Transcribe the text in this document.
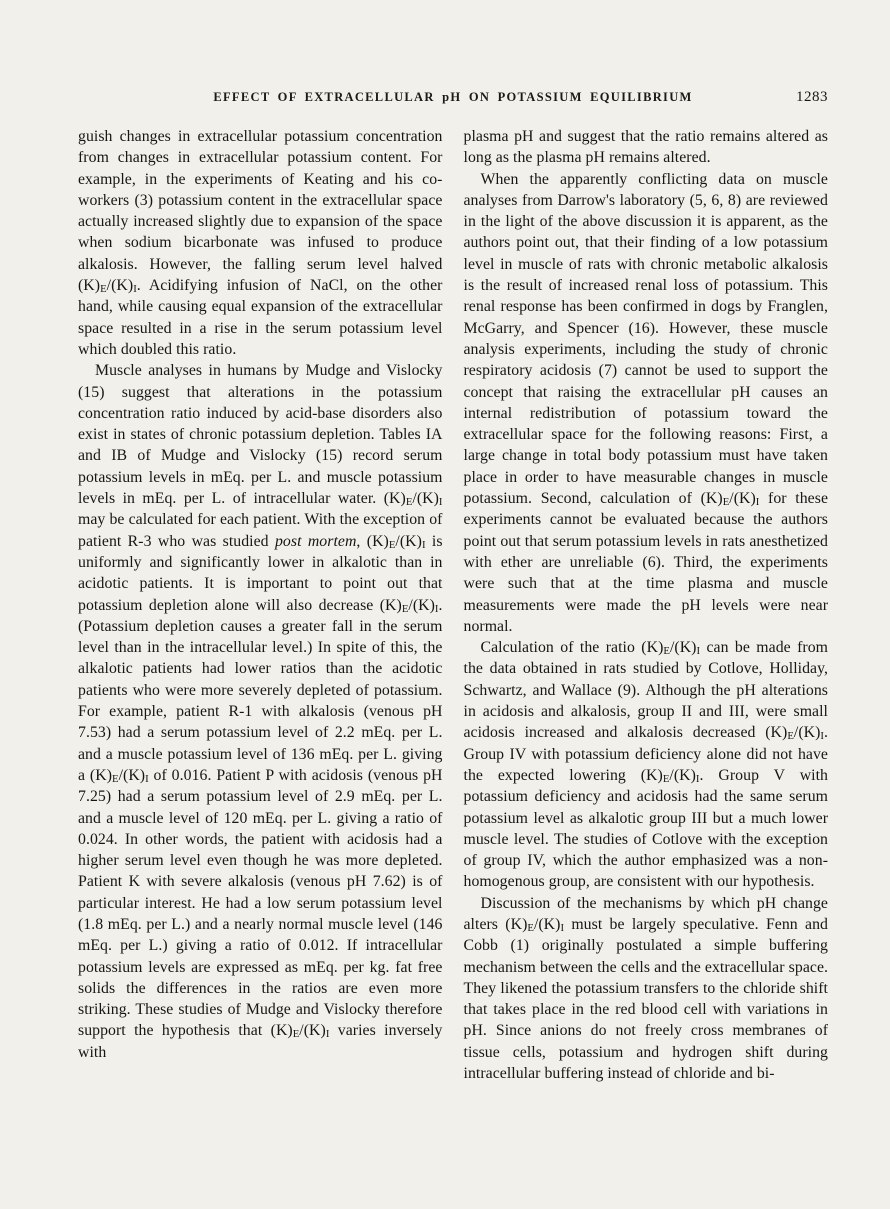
EFFECT OF EXTRACELLULAR pH ON POTASSIUM EQUILIBRIUM	1283

guish changes in extracellular potassium concentration from changes in extracellular potassium content. For example, in the experiments of Keating and his co-workers (3) potassium content in the extracellular space actually increased slightly due to expansion of the space when sodium bicarbonate was infused to produce alkalosis. However, the falling serum level halved $(K)_E/(K)_I$. Acidifying infusion of NaCl, on the other hand, while causing equal expansion of the extracellular space resulted in a rise in the serum potassium level which doubled this ratio.

Muscle analyses in humans by Mudge and Vislocky (15) suggest that alterations in the potassium concentration ratio induced by acid-base disorders also exist in states of chronic potassium depletion. Tables IA and IB of Mudge and Vislocky (15) record serum potassium levels in mEq. per L. and muscle potassium levels in mEq. per L. of intracellular water. $(K)_E/(K)_I$ may be calculated for each patient. With the exception of patient R-3 who was studied post mortem, $(K)_E/(K)_I$ is uniformly and significantly lower in alkalotic than in acidotic patients. It is important to point out that potassium depletion alone will also decrease $(K)_E/(K)_I$. (Potassium depletion causes a greater fall in the serum level than in the intracellular level.) In spite of this, the alkalotic patients had lower ratios than the acidotic patients who were more severely depleted of potassium. For example, patient R-1 with alkalosis (venous pH 7.53) had a serum potassium level of 2.2 mEq. per L. and a muscle potassium level of 136 mEq. per L. giving a $(K)_E/(K)_I$ of 0.016. Patient P with acidosis (venous pH 7.25) had a serum potassium level of 2.9 mEq. per L. and a muscle level of 120 mEq. per L. giving a ratio of 0.024. In other words, the patient with acidosis had a higher serum level even though he was more depleted. Patient K with severe alkalosis (venous pH 7.62) is of particular interest. He had a low serum potassium level (1.8 mEq. per L.) and a nearly normal muscle level (146 mEq. per L.) giving a ratio of 0.012. If intracellular potassium levels are expressed as mEq. per kg. fat free solids the differences in the ratios are even more striking. These studies of Mudge and Vislocky therefore support the hypothesis that $(K)_E/(K)_I$ varies inversely with

plasma pH and suggest that the ratio remains altered as long as the plasma pH remains altered.

When the apparently conflicting data on muscle analyses from Darrow's laboratory (5, 6, 8) are reviewed in the light of the above discussion it is apparent, as the authors point out, that their finding of a low potassium level in muscle of rats with chronic metabolic alkalosis is the result of increased renal loss of potassium. This renal response has been confirmed in dogs by Franglen, McGarry, and Spencer (16). However, these muscle analysis experiments, including the study of chronic respiratory acidosis (7) cannot be used to support the concept that raising the extracellular pH causes an internal redistribution of potassium toward the extracellular space for the following reasons: First, a large change in total body potassium must have taken place in order to have measurable changes in muscle potassium. Second, calculation of $(K)_E/(K)_I$ for these experiments cannot be evaluated because the authors point out that serum potassium levels in rats anesthetized with ether are unreliable (6). Third, the experiments were such that at the time plasma and muscle measurements were made the pH levels were near normal.

Calculation of the ratio $(K)_E/(K)_I$ can be made from the data obtained in rats studied by Cotlove, Holliday, Schwartz, and Wallace (9). Although the pH alterations in acidosis and alkalosis, group II and III, were small acidosis increased and alkalosis decreased $(K)_E/(K)_I$. Group IV with potassium deficiency alone did not have the expected lowering $(K)_E/(K)_I$. Group V with potassium deficiency and acidosis had the same serum potassium level as alkalotic group III but a much lower muscle level. The studies of Cotlove with the exception of group IV, which the author emphasized was a non-homogenous group, are consistent with our hypothesis.

Discussion of the mechanisms by which pH change alters $(K)_E/(K)_I$ must be largely speculative. Fenn and Cobb (1) originally postulated a simple buffering mechanism between the cells and the extracellular space. They likened the potassium transfers to the chloride shift that takes place in the red blood cell with variations in pH. Since anions do not freely cross membranes of tissue cells, potassium and hydrogen shift during intracellular buffering instead of chloride and bi-
